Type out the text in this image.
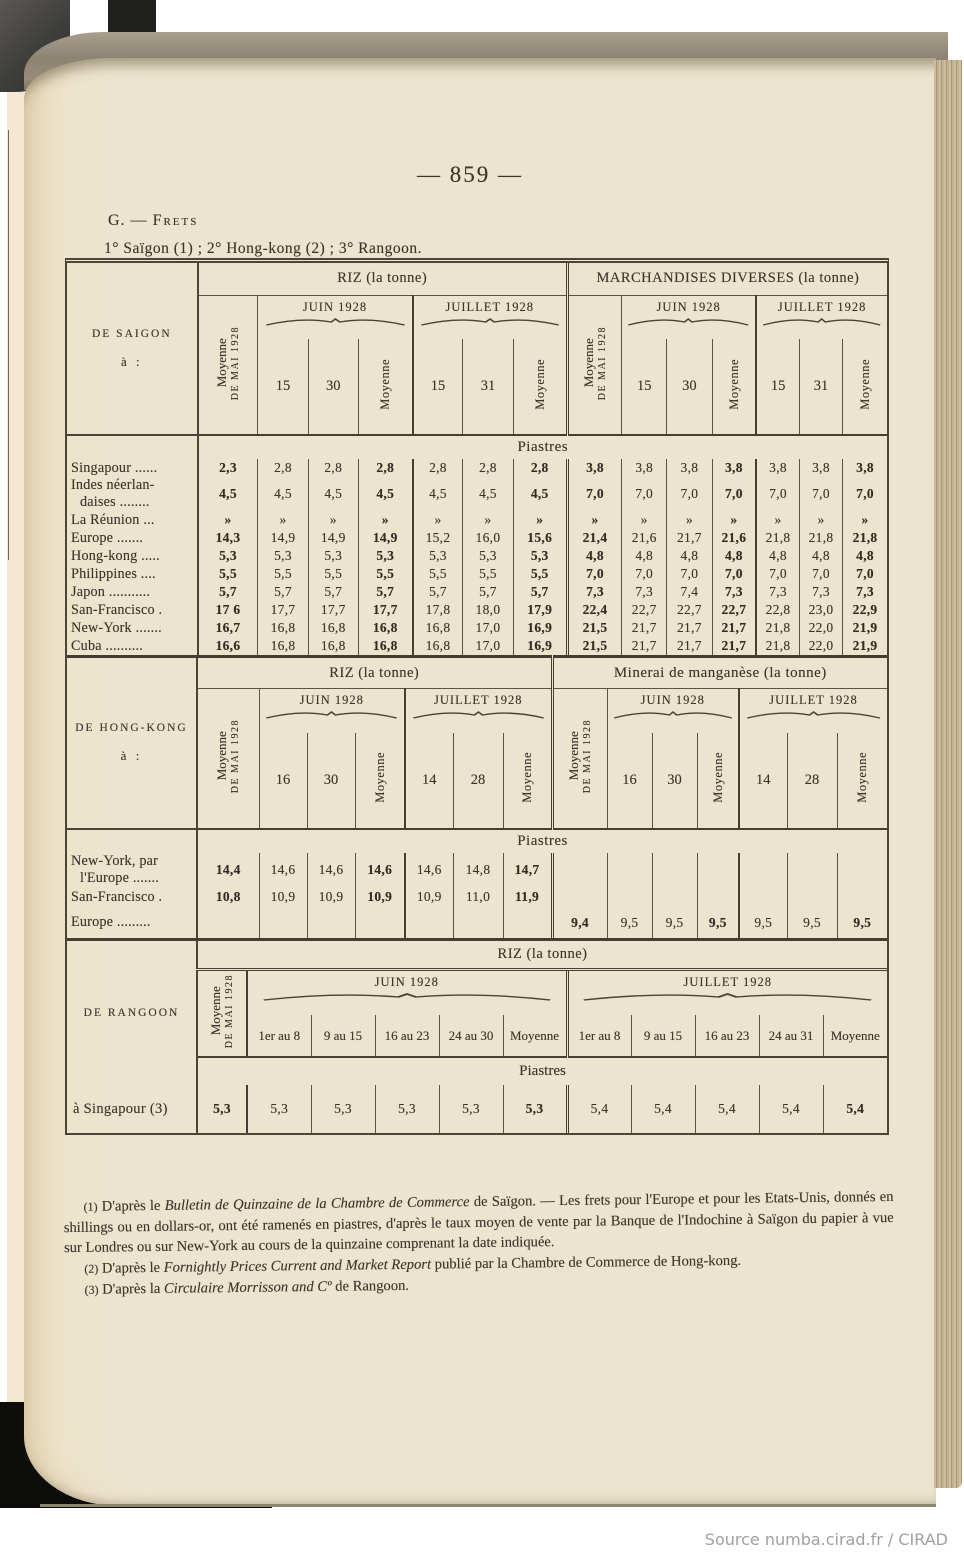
Source numba.cirad.fr / CIRAD
— 859 —
G. — Frets
1° Saïgon (1) ; 2° Hong-kong (2) ; 3° Rangoon.
DE SAIGON
à :	RIZ (la tonne)							MARCHANDISES DIVERSES (la tonne)						

	Moyenne DE MAI 1928	JUIN 1928			JUILLET 1928			Moyenne DE MAI 1928	JUIN 1928			JUILLET 1928		

		15	30	Moyenne	15	31	Moyenne		15	30	Moyenne	15	31	Moyenne
	Piastres													
Singapour ......	2,3	2,8	2,8	2,8	2,8	2,8	2,8	3,8	3,8	3,8	3,8	3,8	3,8	3,8

Indes néerlan-
daises ........	4,5	4,5	4,5	4,5	4,5	4,5	4,5	7,0	7,0	7,0	7,0	7,0	7,0	7,0
La Réunion ...	»	»	»	»	»	»	»	»	»	»	»	»	»	»
Europe .......	14,3	14,9	14,9	14,9	15,2	16,0	15,6	21,4	21,6	21,7	21,6	21,8	21,8	21,8
Hong-kong .....	5,3	5,3	5,3	5,3	5,3	5,3	5,3	4,8	4,8	4,8	4,8	4,8	4,8	4,8
Philippines ....	5,5	5,5	5,5	5,5	5,5	5,5	5,5	7,0	7,0	7,0	7,0	7,0	7,0	7,0
Japon ...........	5,7	5,7	5,7	5,7	5,7	5,7	5,7	7,3	7,3	7,4	7,3	7,3	7,3	7,3
San-Francisco .	17 6	17,7	17,7	17,7	17,8	18,0	17,9	22,4	22,7	22,7	22,7	22,8	23,0	22,9
New-York .......	16,7	16,8	16,8	16,8	16,8	17,0	16,9	21,5	21,7	21,7	21,7	21,8	22,0	21,9
Cuba ..........	16,6	16,8	16,8	16,8	16,8	17,0	16,9	21,5	21,7	21,7	21,7	21,8	22,0	21,9
DE HONG-KONG
à :	RIZ (la tonne)							Minerai de manganèse (la tonne)						

	Moyenne DE MAI 1928	JUIN 1928			JUILLET 1928			Moyenne DE MAI 1928	JUIN 1928			JUILLET 1928		

		16	30	Moyenne	14	28	Moyenne		16	30	Moyenne	14	28	Moyenne
	Piastres													

New-York, par
l'Europe .......	14,4	14,6	14,6	14,6	14,6	14,8	14,7							
San-Francisco .	10,8	10,9	10,9	10,9	10,9	11,0	11,9							
Europe .........								9,4	9,5	9,5	9,5	9,5	9,5	9,5
DE RANGOON	RIZ (la tonne)										

	Moyenne DE MAI 1928	JUIN 1928					JUILLET 1928				

		1er au 8	9 au 15	16 au 23	24 au 30	Moyenne	1er au 8	9 au 15	16 au 23	24 au 31	Moyenne
	Piastres										
à Singapour (3)	5,3	5,3	5,3	5,3	5,3	5,3	5,4	5,4	5,4	5,4	5,4
(1) D'après le Bulletin de Quinzaine de la Chambre de Commerce de Saïgon. — Les frets pour l'Europe et pour les Etats-Unis, donnés en shillings ou en dollars-or, ont été ramenés en piastres, d'après le taux moyen de vente par la Banque de l'Indochine à Saïgon du papier à vue sur Londres ou sur New-York au cours de la quinzaine comprenant la date indiquée.
(2) D'après le Fornightly Prices Current and Market Report publié par la Chambre de Commerce de Hong-kong.
(3) D'après la Circulaire Morrisson and Cº de Rangoon.
